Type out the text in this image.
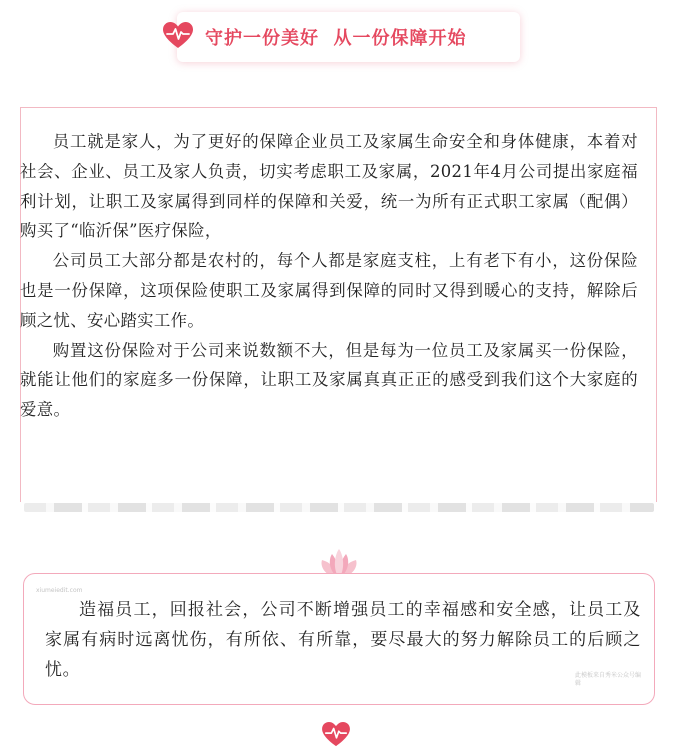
守护一份美好  从一份保障开始

员工就是家人，为了更好的保障企业员工及家属生命安全和身体健康，本着对社会、企业、员工及家人负责，切实考虑职工及家属，2021年4月公司提出家庭福利计划，让职工及家属得到同样的保障和关爱，统一为所有正式职工家属（配偶）购买了“临沂保”医疗保险，

公司员工大部分都是农村的，每个人都是家庭支柱，上有老下有小，这份保险也是一份保障，这项保险使职工及家属得到保障的同时又得到暖心的支持，解除后顾之忧、安心踏实工作。

购置这份保险对于公司来说数额不大，但是每为一位员工及家属买一份保险，就能让他们的家庭多一份保障，让职工及家属真真正正的感受到我们这个大家庭的爱意。

xiumeiedit.com

造福员工，回报社会，公司不断增强员工的幸福感和安全感，让员工及家属有病时远离忧伤，有所依、有所靠，要尽最大的努力解除员工的后顾之忧。	此模板来自秀米公众号编辑
